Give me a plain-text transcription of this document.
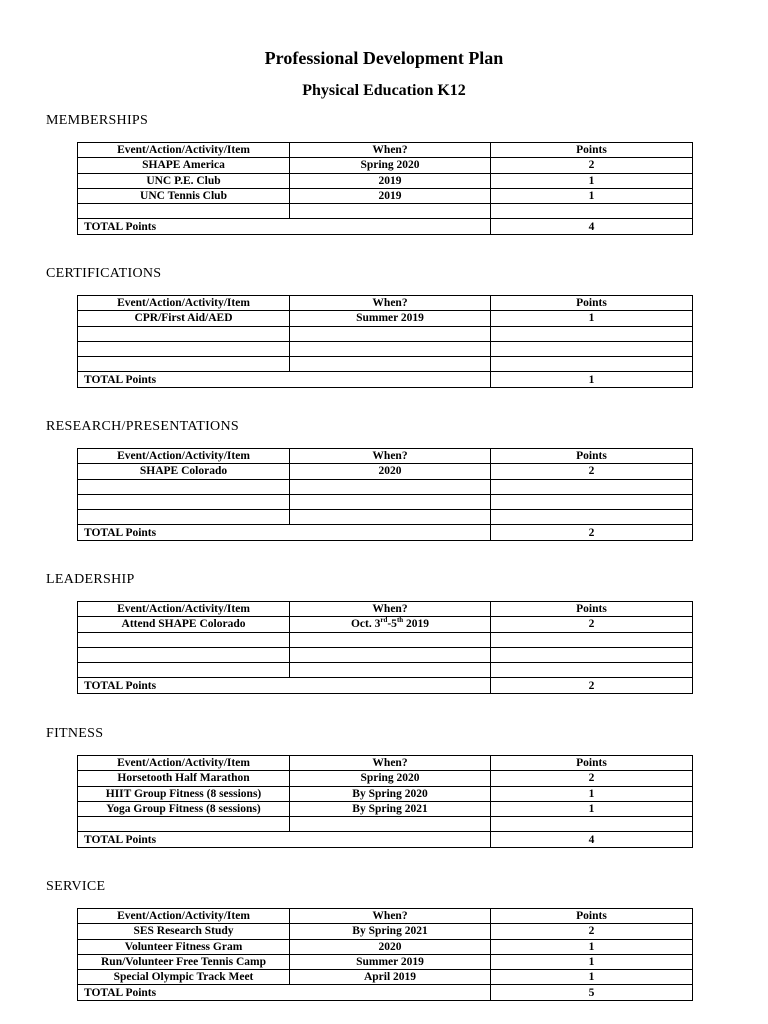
Professional Development Plan
Physical Education K12
MEMBERSHIPS
Event/Action/Activity/Item	When?	Points
SHAPE America	Spring 2020	2
UNC P.E. Club	2019	1
UNC Tennis Club	2019	1

TOTAL Points		4
CERTIFICATIONS
Event/Action/Activity/Item	When?	Points
CPR/First Aid/AED	Summer 2019	1

TOTAL Points		1
RESEARCH/PRESENTATIONS
Event/Action/Activity/Item	When?	Points
SHAPE Colorado	2020	2

TOTAL Points		2
LEADERSHIP
Event/Action/Activity/Item	When?	Points
Attend SHAPE Colorado	Oct. 3rd-5th 2019	2

TOTAL Points		2
FITNESS
Event/Action/Activity/Item	When?	Points
Horsetooth Half Marathon	Spring 2020	2
HIIT Group Fitness (8 sessions)	By Spring 2020	1
Yoga Group Fitness (8 sessions)	By Spring 2021	1

TOTAL Points		4
SERVICE
Event/Action/Activity/Item	When?	Points
SES Research Study	By Spring 2021	2
Volunteer Fitness Gram	2020	1
Run/Volunteer Free Tennis Camp	Summer 2019	1
Special Olympic Track Meet	April 2019	1
TOTAL Points		5
